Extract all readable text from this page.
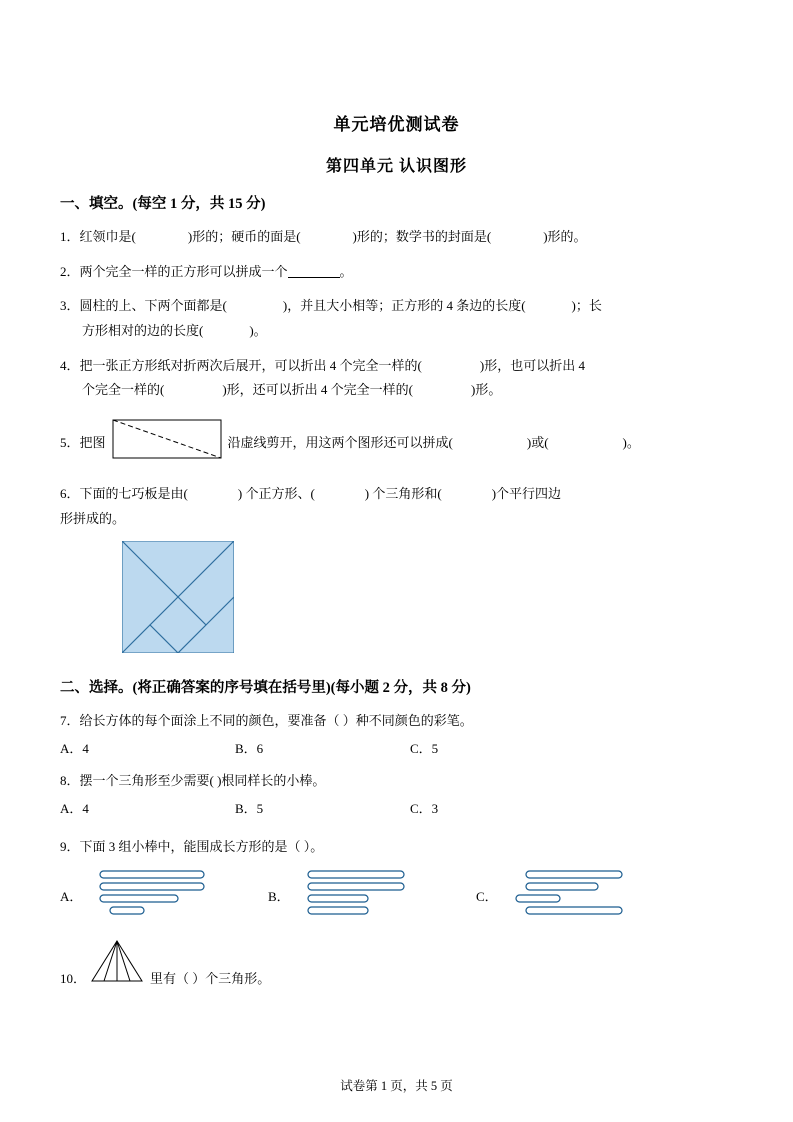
单元培优测试卷
第四单元 认识图形
一、填空。(每空 1 分，共 15 分)
1．红领巾是(	)形的；硬币的面是(	)形的；数学书的封面是(	)形的。
2．两个完全一样的正方形可以拼成一个	。
3．圆柱的上、下两个面都是(	)，并且大小相等；正方形的 4 条边的长度(	)；长
方形相对的边的长度(	)。
4．把一张正方形纸对折两次后展开，可以折出 4 个完全一样的(	)形，也可以折出 4
个完全一样的(	)形，还可以折出 4 个完全一样的(	)形。
5． 把图	沿虚线剪开，用这两个图形还可以拼成(	)或(	)。
6．下面的七巧板是由(	) 个正方形、(	) 个三角形和(	)个平行四边
形拼成的。
二、选择。(将正确答案的序号填在括号里)(每小题 2 分，共 8 分)
7．给长方体的每个面涂上不同的颜色，要准备（ ）种不同颜色的彩笔。
A．4	B．6	C．5
8．摆一个三角形至少需要( )根同样长的小棒。
A．4	B．5	C．3
9．下面 3 组小棒中，能围成长方形的是（ ）。
A．	B．	C．
10．	里有（ ）个三角形。
试卷第 1 页，共 5 页
